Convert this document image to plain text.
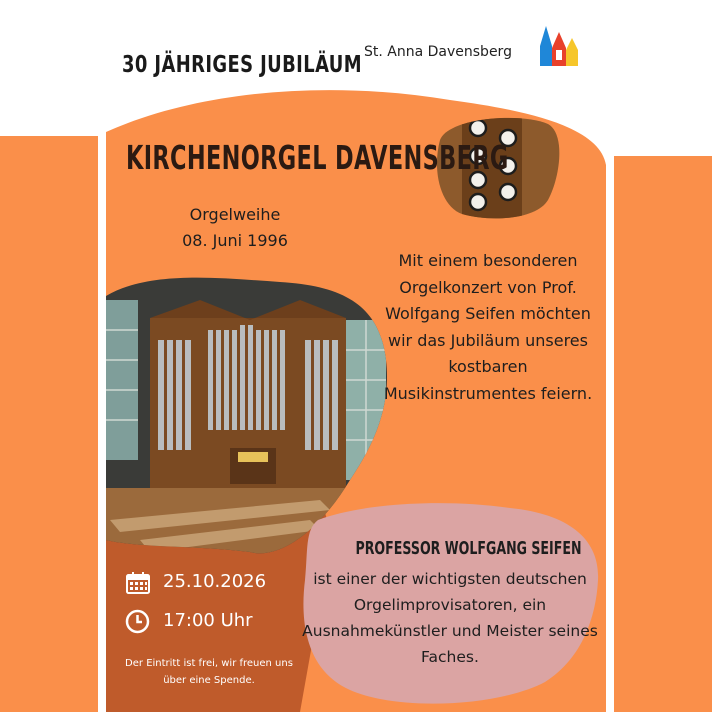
30 JÄHRIGES JUBILÄUM St. Anna Davensberg
KIRCHENORGEL DAVENSBERG
Orgelweihe
08. Juni 1996
Mit einem besonderen Orgelkonzert von Prof. Wolfgang Seifen möchten wir das Jubiläum unseres kostbaren Musikinstrumentes feiern.
25.10.2026
17:00 Uhr
Der Eintritt ist frei, wir freuen uns über eine Spende.
PROFESSOR WOLFGANG SEIFEN
ist einer der wichtigsten deutschen Orgelimprovisatoren, ein Ausnahmekünstler und Meister seines Faches.
